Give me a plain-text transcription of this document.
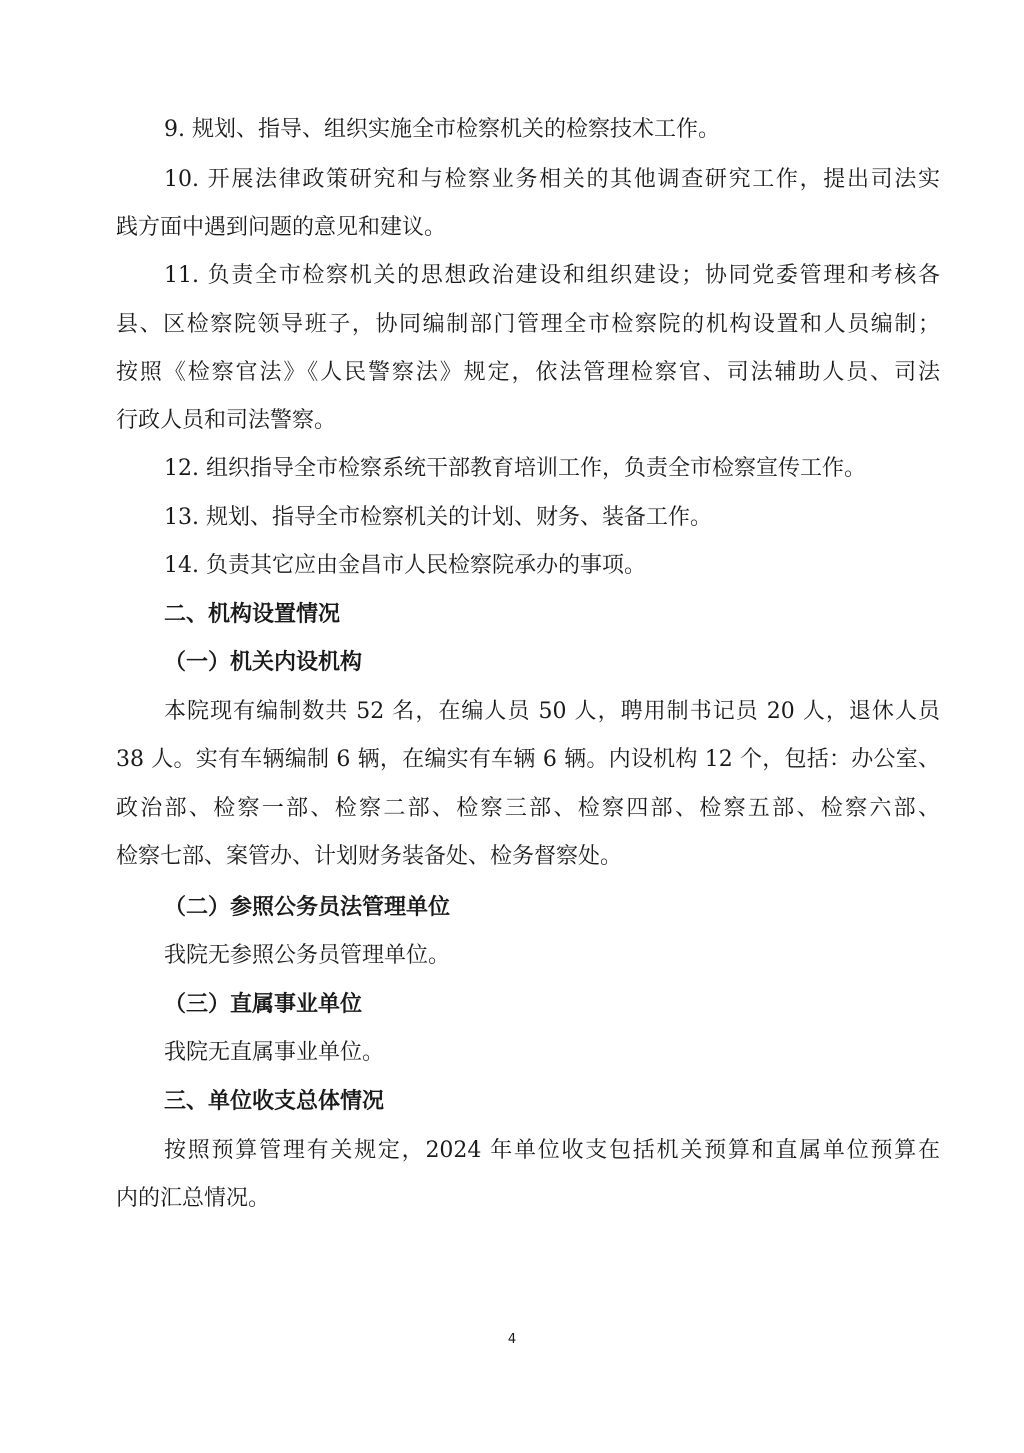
9. 规划、指导、组织实施全市检察机关的检察技术工作。
10. 开展法律政策研究和与检察业务相关的其他调查研究工作，提出司法实
践方面中遇到问题的意见和建议。
11. 负责全市检察机关的思想政治建设和组织建设；协同党委管理和考核各
县、区检察院领导班子，协同编制部门管理全市检察院的机构设置和人员编制；
按照《检察官法》《人民警察法》规定，依法管理检察官、司法辅助人员、司法
行政人员和司法警察。
12. 组织指导全市检察系统干部教育培训工作，负责全市检察宣传工作。
13. 规划、指导全市检察机关的计划、财务、装备工作。
14. 负责其它应由金昌市人民检察院承办的事项。
二、机构设置情况
（一）机关内设机构
本院现有编制数共 52 名，在编人员 50 人，聘用制书记员 20 人，退休人员
38 人。实有车辆编制 6 辆，在编实有车辆 6 辆。内设机构 12 个，包括：办公室、
政治部、检察一部、检察二部、检察三部、检察四部、检察五部、检察六部、
检察七部、案管办、计划财务装备处、检务督察处。
（二）参照公务员法管理单位
我院无参照公务员管理单位。
（三）直属事业单位
我院无直属事业单位。
三、单位收支总体情况
按照预算管理有关规定，2024 年单位收支包括机关预算和直属单位预算在
内的汇总情况。
4
